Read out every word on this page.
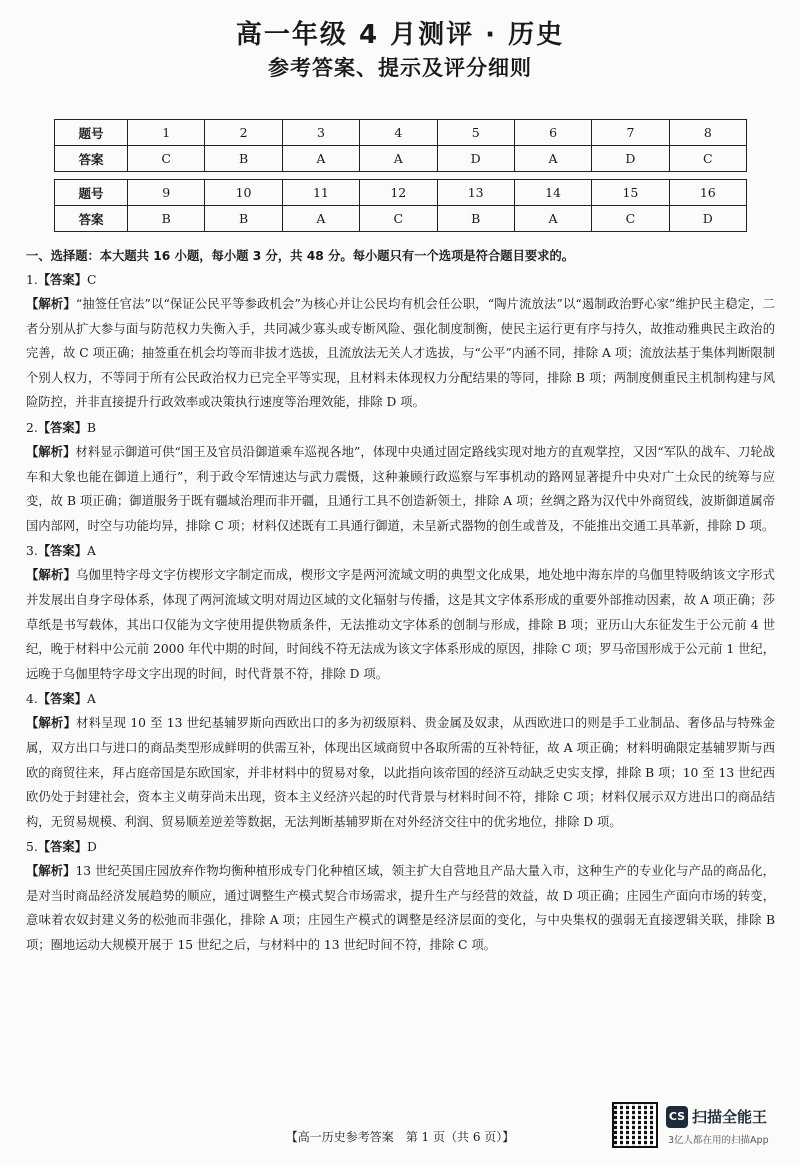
高一年级 4 月测评 · 历史
参考答案、提示及评分细则
题号	1	2	3	4	5	6	7	8
答案	C	B	A	A	D	A	D	C
题号	9	10	11	12	13	14	15	16
答案	B	B	A	C	B	A	C	D
一、选择题：本大题共 16 小题，每小题 3 分，共 48 分。每小题只有一个选项是符合题目要求的。
1.【答案】C
【解析】“抽签任官法”以“保证公民平等参政机会”为核心并让公民均有机会任公职，“陶片流放法”以“遏制政治野心家”维护民主稳定，二者分别从扩大参与面与防范权力失衡入手，共同减少寡头或专断风险、强化制度制衡，使民主运行更有序与持久，故推动雅典民主政治的完善，故 C 项正确；抽签重在机会均等而非拔才选拔，且流放法无关人才选拔，与“公平”内涵不同，排除 A 项；流放法基于集体判断限制个别人权力，不等同于所有公民政治权力已完全平等实现，且材料未体现权力分配结果的等同，排除 B 项；两制度侧重民主机制构建与风险防控，并非直接提升行政效率或决策执行速度等治理效能，排除 D 项。
2.【答案】B
【解析】材料显示御道可供“国王及官员沿御道乘车巡视各地”，体现中央通过固定路线实现对地方的直观掌控，又因“军队的战车、刀轮战车和大象也能在御道上通行”，利于政令军情速达与武力震慑，这种兼顾行政巡察与军事机动的路网显著提升中央对广土众民的统筹与应变，故 B 项正确；御道服务于既有疆域治理而非开疆，且通行工具不创造新领土，排除 A 项；丝绸之路为汉代中外商贸线，波斯御道属帝国内部网，时空与功能均异，排除 C 项；材料仅述既有工具通行御道，未呈新式器物的创生或普及，不能推出交通工具革新，排除 D 项。
3.【答案】A
【解析】乌伽里特字母文字仿楔形文字制定而成，楔形文字是两河流域文明的典型文化成果，地处地中海东岸的乌伽里特吸纳该文字形式并发展出自身字母体系，体现了两河流域文明对周边区域的文化辐射与传播，这是其文字体系形成的重要外部推动因素，故 A 项正确；莎草纸是书写载体，其出口仅能为文字使用提供物质条件，无法推动文字体系的创制与形成，排除 B 项；亚历山大东征发生于公元前 4 世纪，晚于材料中公元前 2000 年代中期的时间，时间线不符无法成为该文字体系形成的原因，排除 C 项；罗马帝国形成于公元前 1 世纪，远晚于乌伽里特字母文字出现的时间，时代背景不符，排除 D 项。
4.【答案】A
【解析】材料呈现 10 至 13 世纪基辅罗斯向西欧出口的多为初级原料、贵金属及奴隶，从西欧进口的则是手工业制品、奢侈品与特殊金属，双方出口与进口的商品类型形成鲜明的供需互补，体现出区域商贸中各取所需的互补特征，故 A 项正确；材料明确限定基辅罗斯与西欧的商贸往来，拜占庭帝国是东欧国家，并非材料中的贸易对象，以此指向该帝国的经济互动缺乏史实支撑，排除 B 项；10 至 13 世纪西欧仍处于封建社会，资本主义萌芽尚未出现，资本主义经济兴起的时代背景与材料时间不符，排除 C 项；材料仅展示双方进出口的商品结构，无贸易规模、利润、贸易顺差逆差等数据，无法判断基辅罗斯在对外经济交往中的优劣地位，排除 D 项。
5.【答案】D
【解析】13 世纪英国庄园放弃作物均衡种植形成专门化种植区域，领主扩大自营地且产品大量入市，这种生产的专业化与产品的商品化，是对当时商品经济发展趋势的顺应，通过调整生产模式契合市场需求，提升生产与经营的效益，故 D 项正确；庄园生产面向市场的转变，意味着农奴封建义务的松弛而非强化，排除 A 项；庄园生产模式的调整是经济层面的变化，与中央集权的强弱无直接逻辑关联，排除 B 项；圈地运动大规模开展于 15 世纪之后，与材料中的 13 世纪时间不符，排除 C 项。
CS 扫描全能王
3亿人都在用的扫描App
【高一历史参考答案　第 1 页（共 6 页）】
